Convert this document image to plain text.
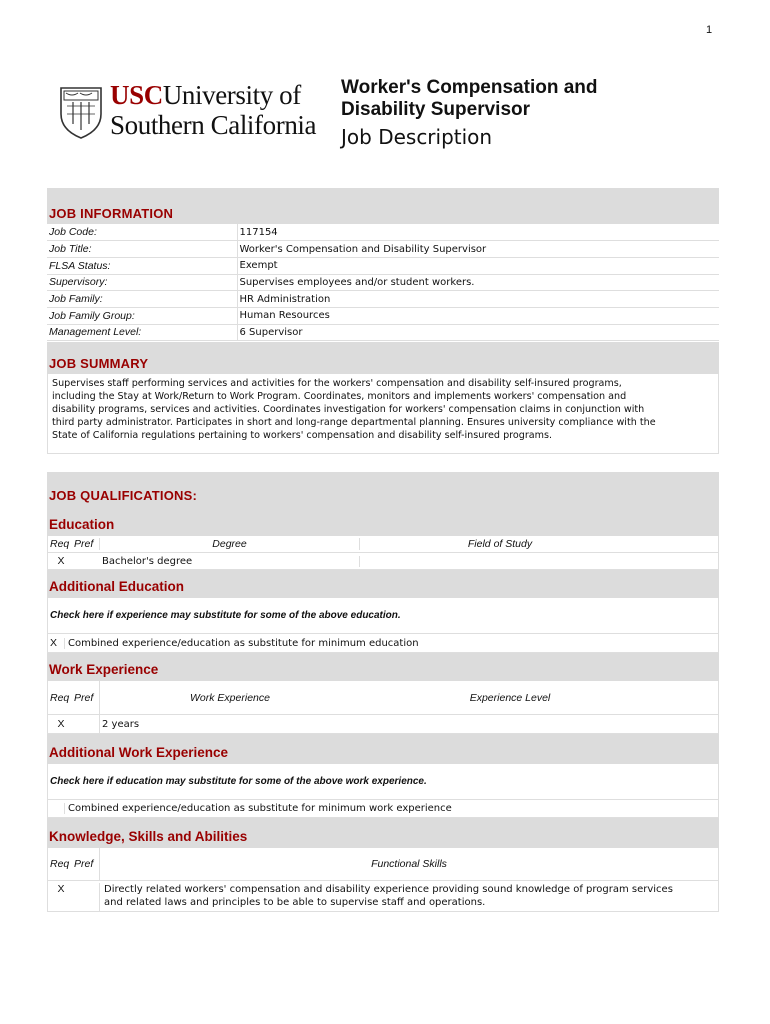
1
USCUniversity of
Southern California
Worker's Compensation and
Disability Supervisor
Job Description
JOB INFORMATION
Job Code:	117154
Job Title:	Worker's Compensation and Disability Supervisor
FLSA Status:	Exempt
Supervisory:	Supervises employees and/or student workers.
Job Family:	HR Administration
Job Family Group:	Human Resources
Management Level:	6 Supervisor
JOB SUMMARY
Supervises staff performing services and activities for the workers' compensation and disability self-insured programs,
including the Stay at Work/Return to Work Program. Coordinates, monitors and implements workers' compensation and
disability programs, services and activities. Coordinates investigation for workers' compensation claims in conjunction with
third party administrator. Participates in short and long-range departmental planning. Ensures university compliance with the
State of California regulations pertaining to workers' compensation and disability self-insured programs.
JOB QUALIFICATIONS:
Education
Req Pref	Degree	Field of Study
X	Bachelor's degree
Additional Education
Check here if experience may substitute for some of the above education.
X	Combined experience/education as substitute for minimum education
Work Experience
Req Pref	Work Experience	Experience Level
X	2 years
Additional Work Experience
Check here if education may substitute for some of the above work experience.
Combined experience/education as substitute for minimum work experience
Knowledge, Skills and Abilities
Req Pref	Functional Skills
X	Directly related workers' compensation and disability experience providing sound knowledge of program services
and related laws and principles to be able to supervise staff and operations.
